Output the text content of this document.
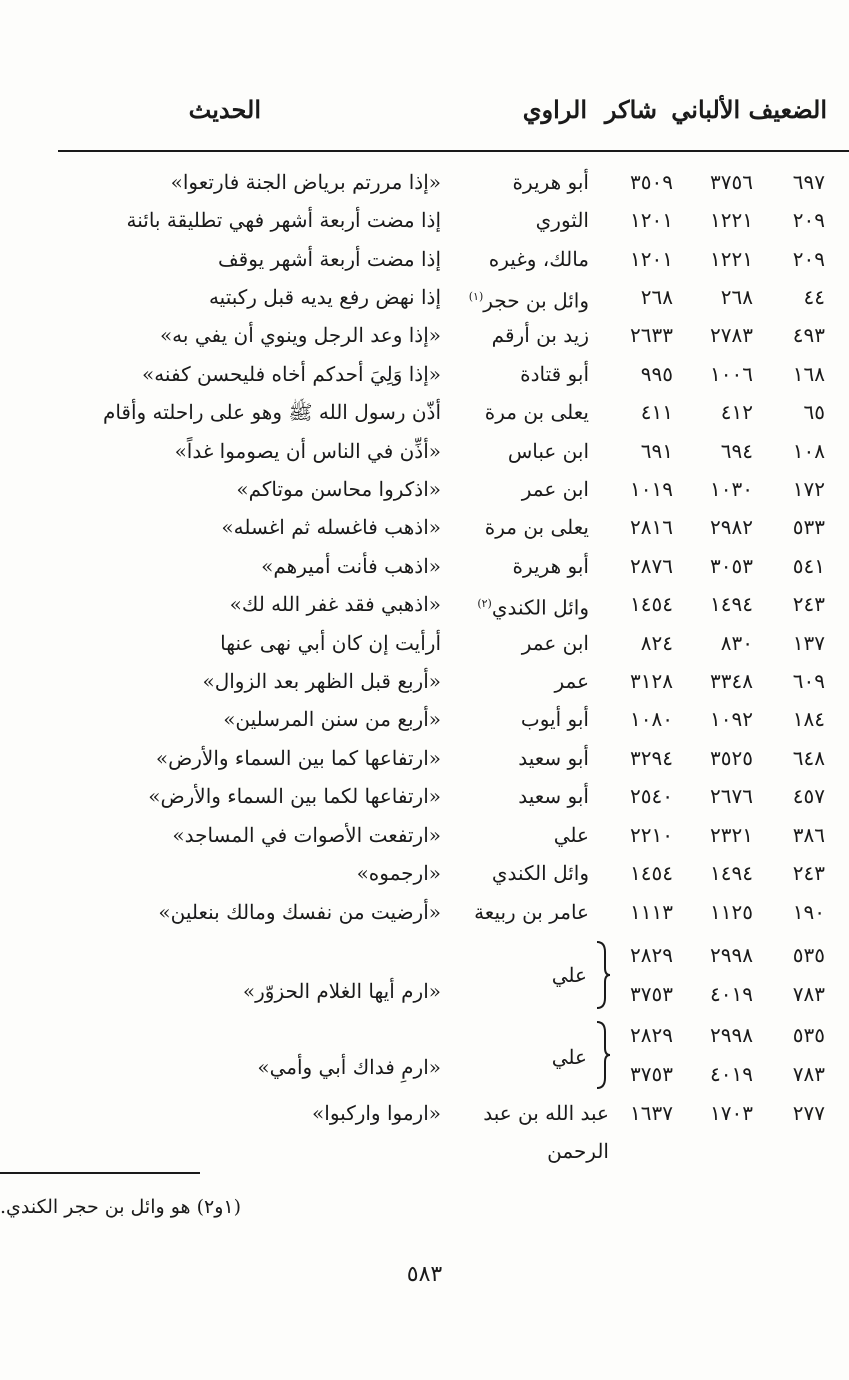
الضعيف الألباني
شاكر
الراوي
الحديث
٦٩٧
٣٧٥٦
٣٥٠٩
أبو هريرة
«إذا مررتم برياض الجنة فارتعوا»
٢٠٩
١٢٢١
١٢٠١
الثوري
إذا مضت أربعة أشهر فهي تطليقة بائنة
٢٠٩
١٢٢١
١٢٠١
مالك، وغيره
إذا مضت أربعة أشهر يوقف
٤٤
٢٦٨
٢٦٨
وائل بن حجر$^{(١)}$
إذا نهض رفع يديه قبل ركبتيه
٤٩٣
٢٧٨٣
٢٦٣٣
زيد بن أرقم
«إذا وعد الرجل وينوي أن يفي به»
١٦٨
١٠٠٦
٩٩٥
أبو قتادة
«إذا وَلِيَ أحدكم أخاه فليحسن كفنه»
٦٥
٤١٢
٤١١
يعلى بن مرة
أذّن رسول الله ﷺ وهو على راحلته وأقام
١٠٨
٦٩٤
٦٩١
ابن عباس
«أذِّن في الناس أن يصوموا غداً»
١٧٢
١٠٣٠
١٠١٩
ابن عمر
«اذكروا محاسن موتاكم»
٥٣٣
٢٩٨٢
٢٨١٦
يعلى بن مرة
«اذهب فاغسله ثم اغسله»
٥٤١
٣٠٥٣
٢٨٧٦
أبو هريرة
«اذهب فأنت أميرهم»
٢٤٣
١٤٩٤
١٤٥٤
وائل الكندي$^{(٢)}$
«اذهبي فقد غفر الله لك»
١٣٧
٨٣٠
٨٢٤
ابن عمر
أرأيت إن كان أبي نهى عنها
٦٠٩
٣٣٤٨
٣١٢٨
عمر
«أربع قبل الظهر بعد الزوال»
١٨٤
١٠٩٢
١٠٨٠
أبو أيوب
«أربع من سنن المرسلين»
٦٤٨
٣٥٢٥
٣٢٩٤
أبو سعيد
«ارتفاعها كما بين السماء والأرض»
٤٥٧
٢٦٧٦
٢٥٤٠
أبو سعيد
«ارتفاعها لكما بين السماء والأرض»
٣٨٦
٢٣٢١
٢٢١٠
علي
«ارتفعت الأصوات في المساجد»
٢٤٣
١٤٩٤
١٤٥٤
وائل الكندي
«ارجموه»
١٩٠
١١٢٥
١١١٣
عامر بن ربيعة
«أرضيت من نفسك ومالك بنعلين»
٥٣٥
٢٩٩٨
٢٨٢٩
٧٨٣
٤٠١٩
٣٧٥٣
علي
«ارم أيها الغلام الحزوّر»
٥٣٥
٢٩٩٨
٢٨٢٩
٧٨٣
٤٠١٩
٣٧٥٣
علي
«ارمِ فداك أبي وأمي»
٢٧٧
١٧٠٣
١٦٣٧
«ارموا واركبوا» عبد الله بن عبد الرحمن
(١و٢) هو وائل بن حجر الكندي.
٥٨٣
